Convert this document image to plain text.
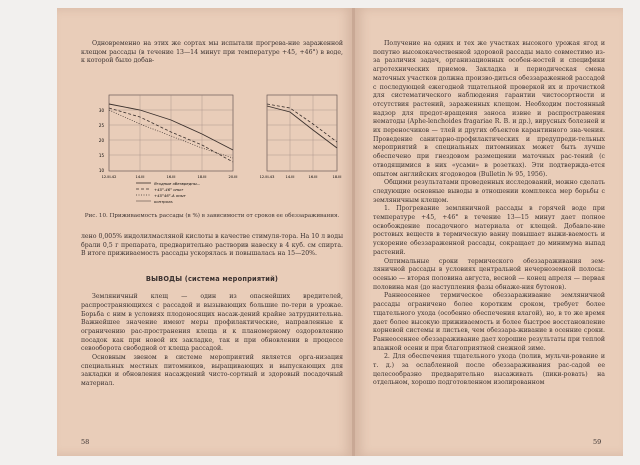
Одновременно на этих же сортах мы испытали прогрева-ние зараженной клещом рассады (в течение 13—14 минут при температуре +45, +46°) в воде, к которой было добав-

30
25
20
15
10
12.III-42	14.III	16.III	18.III	20.III	12.III-43	14.III	16.III	18.III
Ягодные обезвредны…
+45°-46° опыт
+45°46°-А опыт
контроль

Рис. 10. Приживаемость рассады (в %) в зависимости от сроков ее обеззараживания.

лено 0,005% индолилмасляной кислоты в качестве стимуля-тора. На 10 л воды брали 0,5 г препарата, предварительно растворив навеску в 4 куб. см спирта. В итоге приживаемость рассады ускорялась и повышалась на 15—20%.

ВЫВОДЫ (система мероприятий)

Земляничный клещ — один из опаснейших вредителей, распространяющихся с рассадой и вызывающих большие по-тери в урожае. Борьба с ним в условиях плодоносящих насаж-дений крайне затруднительна. Важнейшее значение имеют меры профилактические, направленные к ограничению рас-пространения клеща и к планомерному оздоровлению посадок как при новой их закладке, так и при обновлении в процессе севооборота свободной от клеща рассадой.

Основным звеном в системе мероприятий является орга-низация специальных местных питомников, выращивающих и выпускающих для закладки и обновления насаждений чисто-сортный и здоровый посадочный материал.

58

Получение на одних и тех же участках высокого урожая ягод и попутно высококачественной здоровой рассады мало совместимо из-за различия задач, организационных особен-ностей и специфики агротехнических приемов. Закладка и периодическая смена маточных участков должна произво-диться обеззараженной рассадой с последующей ежегодной тщательной проверкой их и прочисткой для систематического наблюдения гарантии чистосортности и отсутствия растений, зараженных клещом. Необходим постоянный надзор для предот-вращения заноса извне и распространения нематоды (Aphe-lenchoides fragariae R. B. и др.), вирусных болезней и их переносчиков — тлей и других объектов карантинного зна-чения. Проведение санитарно-профилактических и предупреди-тельных мероприятий в специальных питомниках может быть лучше обеспечено при гнездовом размещении маточных рас-тений (с отводящимися в них «усами» в розетках). Эти подтвержда-ется опытом английских ягодоводов (Bulletin № 95, 1956).

Общими результатами проведенных исследований, можно сделать следующие основные выводы в отношении комплекса мер борьбы с земляничным клещом.

1. Прогревание земляничной рассады в горячей воде при температуре +45, +46° в течение 13—15 минут дает полное освобождение посадочного материала от клещей. Добавле-ние ростовых веществ в термическую ванну повышает выжи-ваемость и ускорение обеззараженной рассады, сокращает до минимума выпад растений.

Оптимальные сроки термического обеззараживания зем-ляничной рассады в условиях центральной нечерноземной полосы: осенью — вторая половина августа, весной — конец апреля — первая половина мая (до наступления фазы обнаже-ния бутонов).

Раннеосеннее термическое обеззараживание земляничной рассады ограничено более коротким сроком, требует более тщательного ухода (особенно обеспечения влагой), но, в то же время дает более высокую приживаемость и более быстрое восстановление корневой системы и листьев, чем обеззара-живание в осенние сроки. Раннеосеннее обеззараживание дает хорошие результаты при теплой влажной осени и при благоприятной снежной зиме.

2. Для обеспечения тщательного ухода (полив, мульчи-рование и т. д.) за ослабленной после обеззараживания рас-садой ее целесообразно предварительно высаживать (пики-ровать) на отдельном, хорошо подготовленном изолированном

59
